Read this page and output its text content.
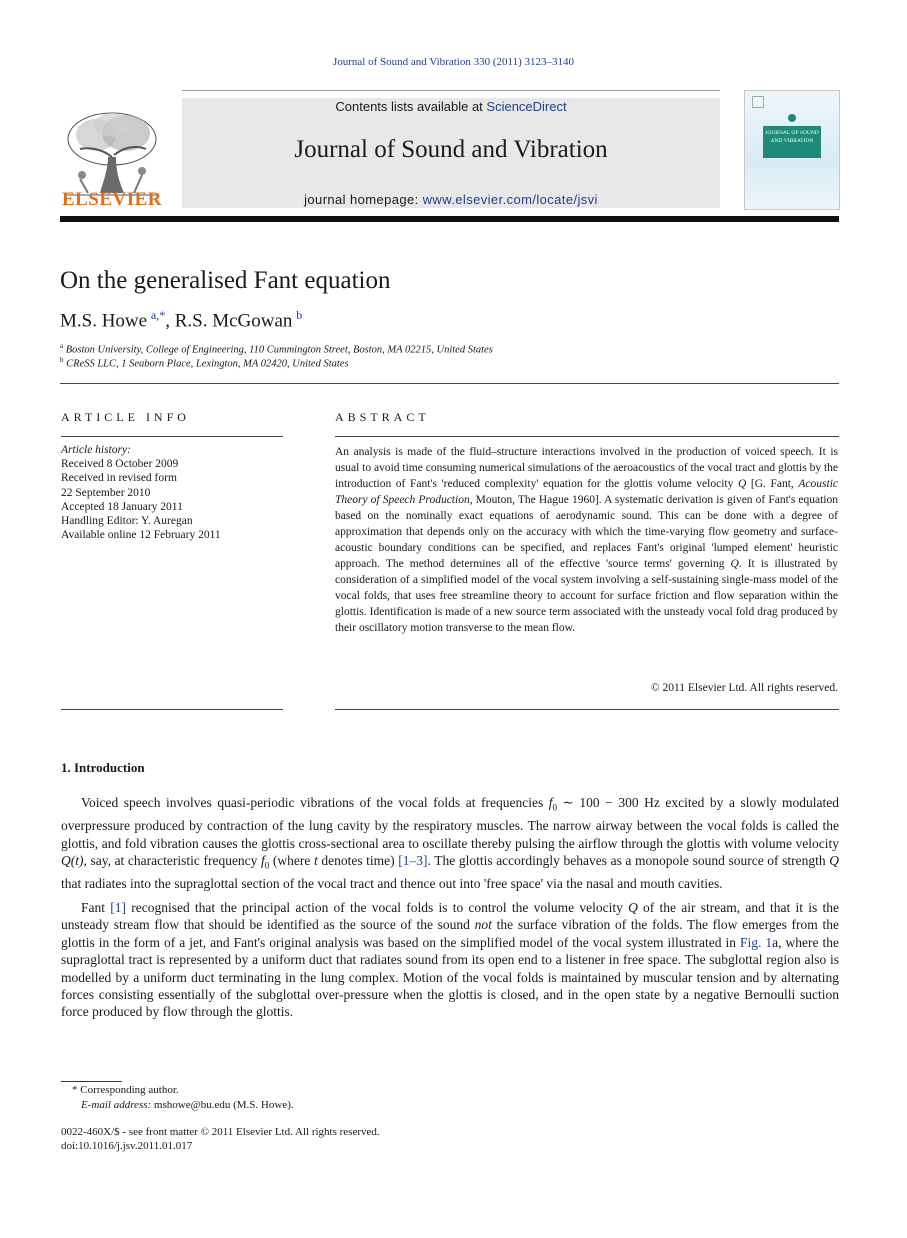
Journal of Sound and Vibration 330 (2011) 3123–3140
Contents lists available at ScienceDirect
Journal of Sound and Vibration
journal homepage: www.elsevier.com/locate/jsvi
ELSEVIER
JOURNAL OF SOUND AND VIBRATION
On the generalised Fant equation
M.S. Howe  $^{a,*}$, R.S. McGowan  $^b$
$^a$ Boston University, College of Engineering, 110 Cummington Street, Boston, MA 02215, United States
$^b$ CReSS LLC, 1 Seaborn Place, Lexington, MA 02420, United States
ARTICLE INFO
Article history:
Received 8 October 2009
Received in revised form
22 September 2010
Accepted 18 January 2011
Handling Editor: Y. Auregan
Available online 12 February 2011
ABSTRACT
An analysis is made of the fluid–structure interactions involved in the production of voiced speech. It is usual to avoid time consuming numerical simulations of the aeroacoustics of the vocal tract and glottis by the introduction of Fant's 'reduced complexity' equation for the glottis volume velocity Q [G. Fant, Acoustic Theory of Speech Production, Mouton, The Hague 1960]. A systematic derivation is given of Fant's equation based on the nominally exact equations of aerodynamic sound. This can be done with a degree of approximation that depends only on the accuracy with which the time-varying flow geometry and surface-acoustic boundary conditions can be specified, and replaces Fant's original 'lumped element' heuristic approach. The method determines all of the effective 'source terms' governing Q. It is illustrated by consideration of a simplified model of the vocal system involving a self-sustaining single-mass model of the vocal folds, that uses free streamline theory to account for surface friction and flow separation within the glottis. Identification is made of a new source term associated with the unsteady vocal fold drag produced by their oscillatory motion transverse to the mean flow.
© 2011 Elsevier Ltd. All rights reserved.
1. Introduction
Voiced speech involves quasi-periodic vibrations of the vocal folds at frequencies $f_0$ ∼ 100 − 300 Hz excited by a slowly modulated overpressure produced by contraction of the lung cavity by the respiratory muscles. The narrow airway between the vocal folds is called the glottis, and fold vibration causes the glottis cross-sectional area to oscillate thereby pulsing the airflow through the glottis with volume velocity Q(t), say, at characteristic frequency $f_0$ (where t denotes time) [1–3]. The glottis accordingly behaves as a monopole sound source of strength Q that radiates into the supraglottal section of the vocal tract and thence out into 'free space' via the nasal and mouth cavities.
Fant [1] recognised that the principal action of the vocal folds is to control the volume velocity Q of the air stream, and that it is the unsteady stream flow that should be identified as the source of the sound not the surface vibration of the folds. The flow emerges from the glottis in the form of a jet, and Fant's original analysis was based on the simplified model of the vocal system illustrated in Fig. 1a, where the supraglottal tract is represented by a uniform duct that radiates sound from its open end to a listener in free space. The subglottal region also is modelled by a uniform duct terminating in the lung complex. Motion of the vocal folds is maintained by muscular tension and by alternating forces consisting essentially of the subglottal over-pressure when the glottis is closed, and in the open state by a negative Bernoulli suction force produced by flow through the glottis.
* Corresponding author.
E-mail address: mshowe@bu.edu (M.S. Howe).
0022-460X/$ - see front matter © 2011 Elsevier Ltd. All rights reserved.
doi:10.1016/j.jsv.2011.01.017
